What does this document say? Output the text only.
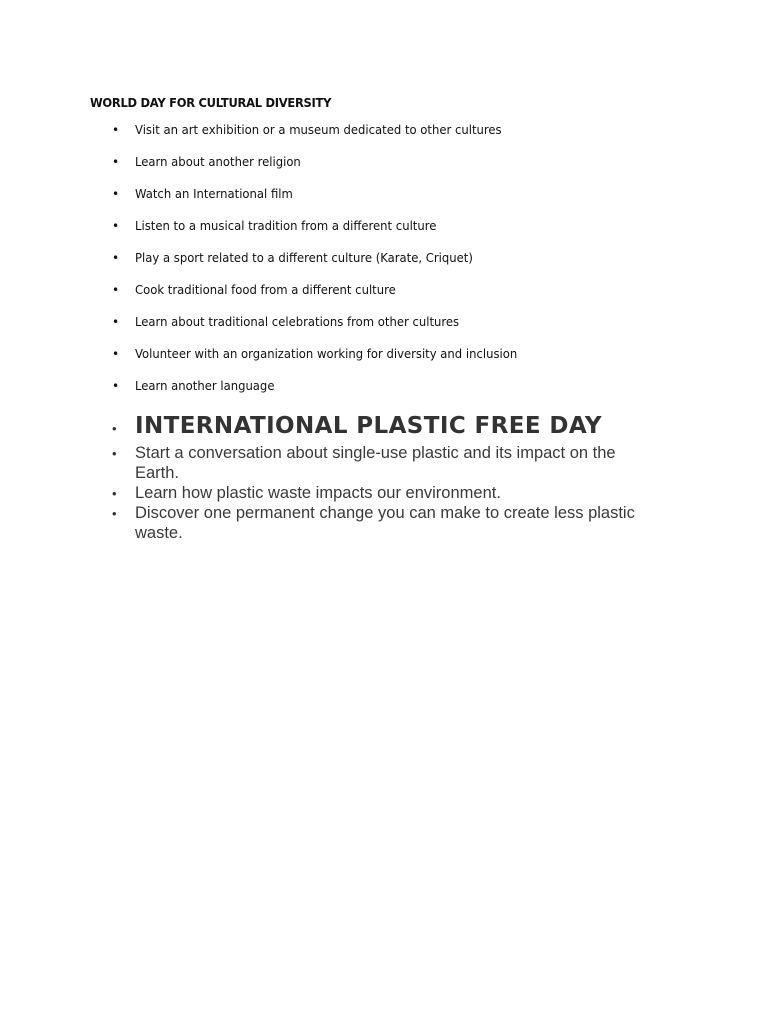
WORLD DAY FOR CULTURAL DIVERSITY
• Visit an art exhibition or a museum dedicated to other cultures
• Learn about another religion
• Watch an International film
• Listen to a musical tradition from a different culture
• Play a sport related to a different culture (Karate, Criquet)
• Cook traditional food from a different culture
• Learn about traditional celebrations from other cultures
• Volunteer with an organization working for diversity and inclusion
• Learn another language
• INTERNATIONAL PLASTIC FREE DAY
• Start a conversation about single-use plastic and its impact on the Earth.
• Learn how plastic waste impacts our environment.
• Discover one permanent change you can make to create less plastic waste.
